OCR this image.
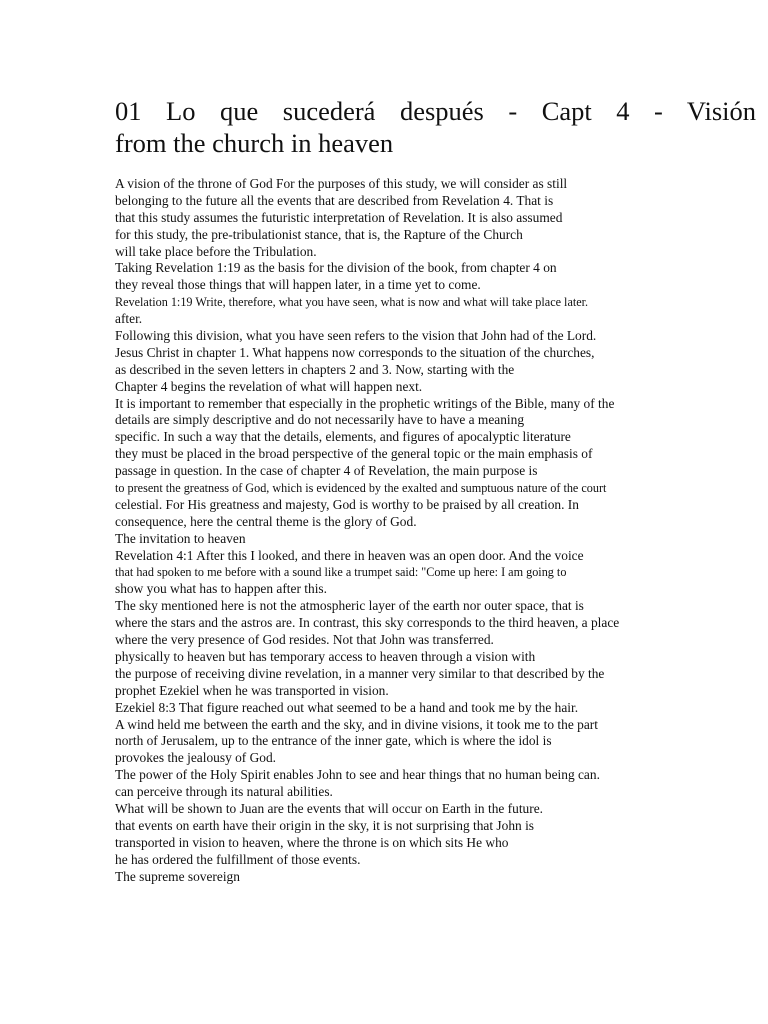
01 Lo que sucederá después - Capt 4 - Visión
from the church in heaven
A vision of the throne of God For the purposes of this study, we will consider as still
belonging to the future all the events that are described from Revelation 4. That is
that this study assumes the futuristic interpretation of Revelation. It is also assumed
for this study, the pre-tribulationist stance, that is, the Rapture of the Church
will take place before the Tribulation.
Taking Revelation 1:19 as the basis for the division of the book, from chapter 4 on
they reveal those things that will happen later, in a time yet to come.
Revelation 1:19 Write, therefore, what you have seen, what is now and what will take place later.
after.
Following this division, what you have seen refers to the vision that John had of the Lord.
Jesus Christ in chapter 1. What happens now corresponds to the situation of the churches,
as described in the seven letters in chapters 2 and 3. Now, starting with the
Chapter 4 begins the revelation of what will happen next.
It is important to remember that especially in the prophetic writings of the Bible, many of the
details are simply descriptive and do not necessarily have to have a meaning
specific. In such a way that the details, elements, and figures of apocalyptic literature
they must be placed in the broad perspective of the general topic or the main emphasis of
passage in question. In the case of chapter 4 of Revelation, the main purpose is
to present the greatness of God, which is evidenced by the exalted and sumptuous nature of the court
celestial. For His greatness and majesty, God is worthy to be praised by all creation. In
consequence, here the central theme is the glory of God.
The invitation to heaven
Revelation 4:1 After this I looked, and there in heaven was an open door. And the voice
that had spoken to me before with a sound like a trumpet said: "Come up here: I am going to
show you what has to happen after this.
The sky mentioned here is not the atmospheric layer of the earth nor outer space, that is
where the stars and the astros are. In contrast, this sky corresponds to the third heaven, a place
where the very presence of God resides. Not that John was transferred.
physically to heaven but has temporary access to heaven through a vision with
the purpose of receiving divine revelation, in a manner very similar to that described by the
prophet Ezekiel when he was transported in vision.
Ezekiel 8:3 That figure reached out what seemed to be a hand and took me by the hair.
A wind held me between the earth and the sky, and in divine visions, it took me to the part
north of Jerusalem, up to the entrance of the inner gate, which is where the idol is
provokes the jealousy of God.
The power of the Holy Spirit enables John to see and hear things that no human being can.
can perceive through its natural abilities.
What will be shown to Juan are the events that will occur on Earth in the future.
that events on earth have their origin in the sky, it is not surprising that John is
transported in vision to heaven, where the throne is on which sits He who
he has ordered the fulfillment of those events.
The supreme sovereign
